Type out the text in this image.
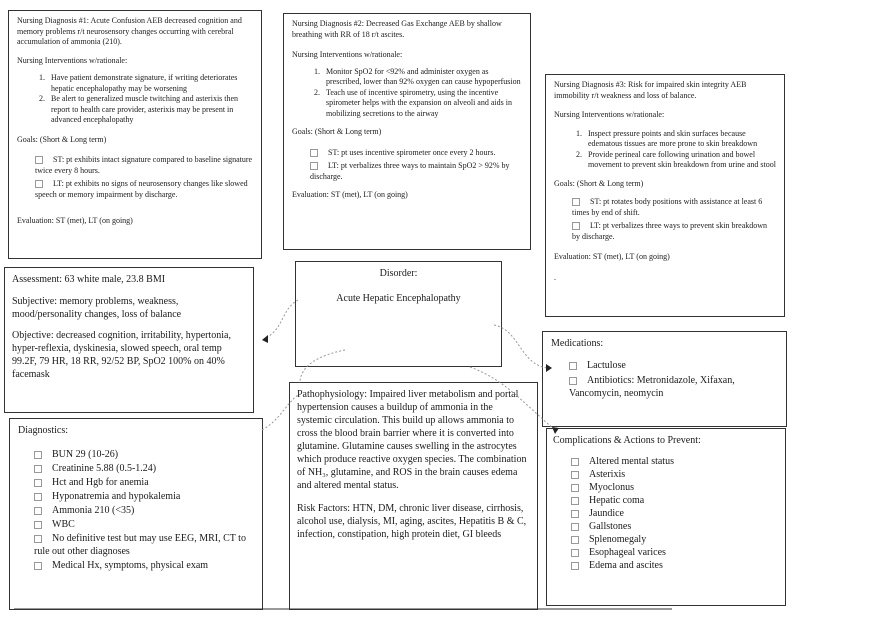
Nursing Diagnosis #1: Acute Confusion AEB decreased cognition and memory problems r/t neurosensory changes occurring with cerebral accumulation of ammonia (210).

Nursing Interventions w/rationale:

1. Have patient demonstrate signature, if writing deteriorates hepatic encephalopathy may be worsening
2. Be alert to generalized muscle twitching and asterixis then report to health care provider, asterixis may be present in advanced encephalopathy

Goals: (Short & Long term)

ST: pt exhibits intact signature compared to baseline signature twice every 8 hours.
LT: pt exhibits no signs of neurosensory changes like slowed speech or memory impairment by discharge.

Evaluation: ST (met), LT (on going)

Nursing Diagnosis #2: Decreased Gas Exchange AEB by shallow breathing with RR of 18 r/t ascites.

Nursing Interventions w/rationale:

1. Monitor SpO2 for <92% and administer oxygen as prescribed, lower than 92% oxygen can cause hypoperfusion
2. Teach use of incentive spirometry, using the incentive spirometer helps with the expansion on alveoli and aids in mobilizing secretions to the airway

Goals: (Short & Long term)

ST: pt uses incentive spirometer once every 2 hours.
LT: pt verbalizes three ways to maintain SpO2 > 92% by discharge.

Evaluation: ST (met), LT (on going)

Nursing Diagnosis #3: Risk for impaired skin integrity AEB immobility r/t weakness and loss of balance.

Nursing Interventions w/rationale:

1. Inspect pressure points and skin surfaces because edematous tissues are more prone to skin breakdown
2. Provide perineal care following urination and bowel movement to prevent skin breakdown from urine and stool

Goals: (Short & Long term)

ST: pt rotates body positions with assistance at least 6 times by end of shift.
LT: pt verbalizes three ways to prevent skin breakdown by discharge.

Evaluation: ST (met), LT (on going)

.

Assessment: 63 white male, 23.8 BMI

Subjective: memory problems, weakness, mood/personality changes, loss of balance

Objective: decreased cognition, irritability, hypertonia, hyper-reflexia, dyskinesia, slowed speech, oral temp 99.2F, 79 HR, 18 RR, 92/52 BP, SpO2 100% on 40% facemask

Disorder:

Acute Hepatic Encephalopathy

Medications:

Lactulose
Antibiotics: Metronidazole, Xifaxan, Vancomycin, neomycin

Diagnostics:

BUN 29 (10-26)
Creatinine 5.88 (0.5-1.24)
Hct and Hgb for anemia
Hyponatremia and hypokalemia
Ammonia 210 (<35)
WBC
No definitive test but may use EEG, MRI, CT to rule out other diagnoses
Medical Hx, symptoms, physical exam

Pathophysiology: Impaired liver metabolism and portal hypertension causes a buildup of ammonia in the systemic circulation. This build up allows ammonia to cross the blood brain barrier where it is converted into glutamine. Glutamine causes swelling in the astrocytes which produce reactive oxygen species. The combination of NH₃, glutamine, and ROS in the brain causes edema and altered mental status.

Risk Factors: HTN, DM, chronic liver disease, cirrhosis, alcohol use, dialysis, MI, aging, ascites, Hepatitis B & C, infection, constipation, high protein diet, GI bleeds

Complications & Actions to Prevent:

Altered mental status
Asterixis
Myoclonus
Hepatic coma
Jaundice
Gallstones
Splenomegaly
Esophageal varices
Edema and ascites
